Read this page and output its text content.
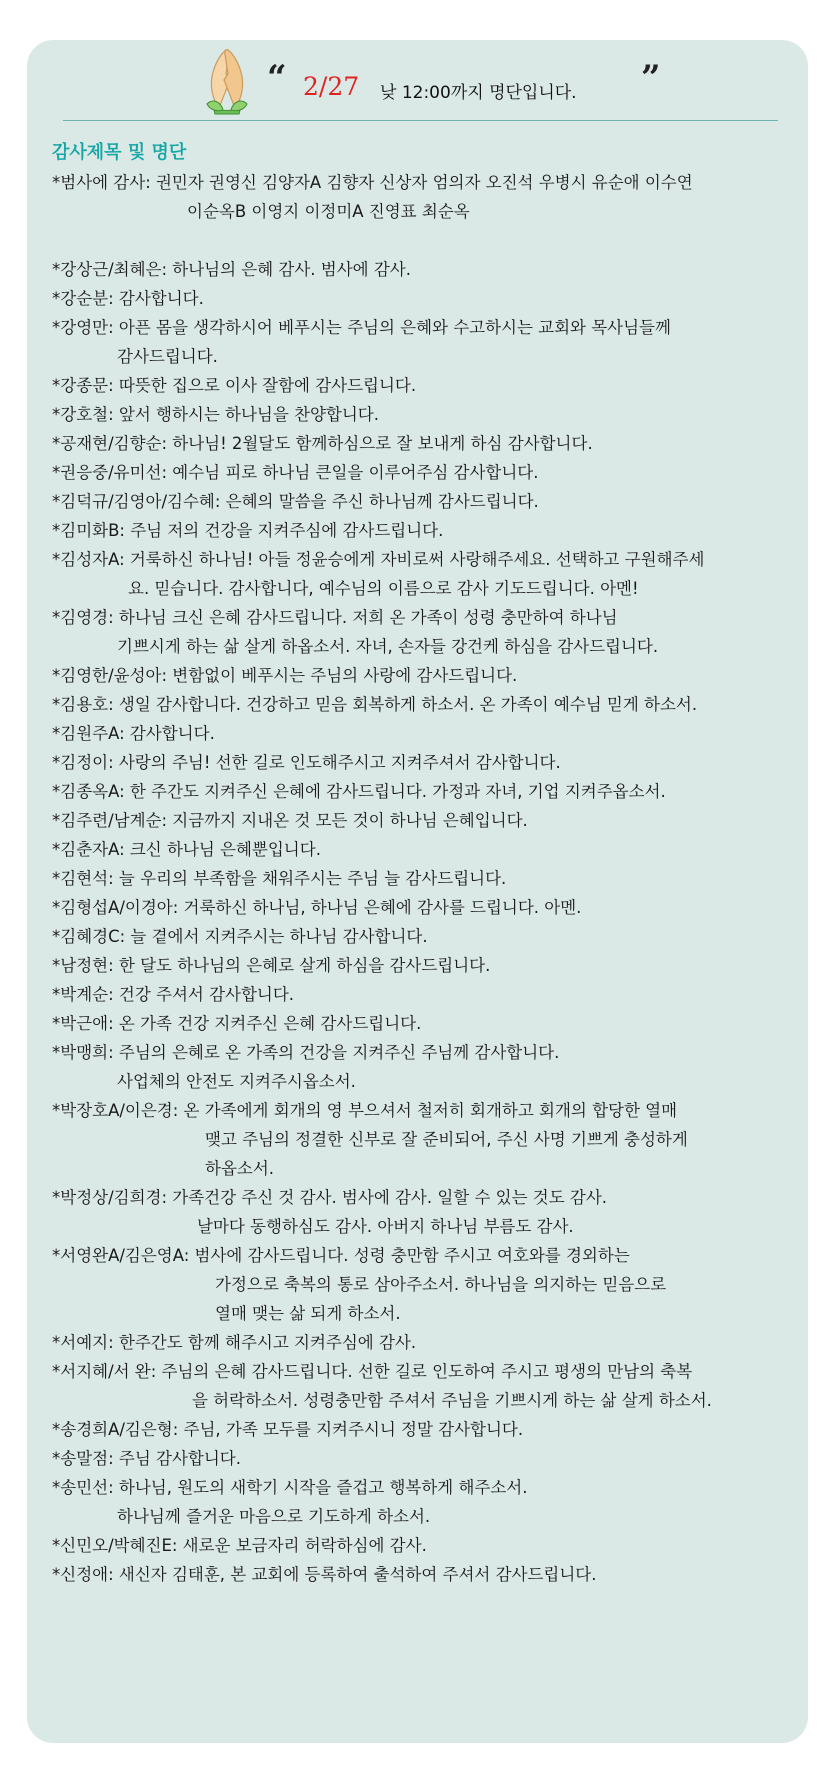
“ 2/27 낮 12:00까지 명단입니다. ”
감사제목 및 명단
*범사에 감사: 권민자 권영신 김양자A 김향자 신상자 엄의자 오진석 우병시 유순애 이수연
이순옥B 이영지 이정미A 진영표 최순옥
*강상근/최혜은: 하나님의 은혜 감사. 범사에 감사.
*강순분: 감사합니다.
*강영만: 아픈 몸을 생각하시어 베푸시는 주님의 은혜와 수고하시는 교회와 목사님들께
감사드립니다.
*강종문: 따뜻한 집으로 이사 잘함에 감사드립니다.
*강호철: 앞서 행하시는 하나님을 찬양합니다.
*공재현/김향순: 하나님! 2월달도 함께하심으로 잘 보내게 하심 감사합니다.
*권응중/유미선: 예수님 피로 하나님 큰일을 이루어주심 감사합니다.
*김덕규/김영아/김수혜: 은혜의 말씀을 주신 하나님께 감사드립니다.
*김미화B: 주님 저의 건강을 지켜주심에 감사드립니다.
*김성자A: 거룩하신 하나님! 아들 정윤승에게 자비로써 사랑해주세요. 선택하고 구원해주세
요. 믿습니다. 감사합니다, 예수님의 이름으로 감사 기도드립니다. 아멘!
*김영경: 하나님 크신 은혜 감사드립니다. 저희 온 가족이 성령 충만하여 하나님
기쁘시게 하는 삶 살게 하옵소서. 자녀, 손자들 강건케 하심을 감사드립니다.
*김영한/윤성아: 변함없이 베푸시는 주님의 사랑에 감사드립니다.
*김용호: 생일 감사합니다. 건강하고 믿음 회복하게 하소서. 온 가족이 예수님 믿게 하소서.
*김원주A: 감사합니다.
*김정이: 사랑의 주님! 선한 길로 인도해주시고 지켜주셔서 감사합니다.
*김종옥A: 한 주간도 지켜주신 은혜에 감사드립니다. 가정과 자녀, 기업 지켜주옵소서.
*김주련/남계순: 지금까지 지내온 것 모든 것이 하나님 은혜입니다.
*김춘자A: 크신 하나님 은혜뿐입니다.
*김현석: 늘 우리의 부족함을 채워주시는 주님 늘 감사드립니다.
*김형섭A/이경아: 거룩하신 하나님, 하나님 은혜에 감사를 드립니다. 아멘.
*김혜경C: 늘 곁에서 지켜주시는 하나님 감사합니다.
*남정현: 한 달도 하나님의 은혜로 살게 하심을 감사드립니다.
*박계순: 건강 주셔서 감사합니다.
*박근애: 온 가족 건강 지켜주신 은혜 감사드립니다.
*박맹희: 주님의 은혜로 온 가족의 건강을 지켜주신 주님께 감사합니다.
사업체의 안전도 지켜주시옵소서.
*박장호A/이은경: 온 가족에게 회개의 영 부으셔서 철저히 회개하고 회개의 합당한 열매
맺고 주님의 정결한 신부로 잘 준비되어, 주신 사명 기쁘게 충성하게
하옵소서.
*박정상/김희경: 가족건강 주신 것 감사. 범사에 감사. 일할 수 있는 것도 감사.
날마다 동행하심도 감사. 아버지 하나님 부름도 감사.
*서영완A/김은영A: 범사에 감사드립니다. 성령 충만함 주시고 여호와를 경외하는
가정으로 축복의 통로 삼아주소서. 하나님을 의지하는 믿음으로
열매 맺는 삶 되게 하소서.
*서예지: 한주간도 함께 해주시고 지켜주심에 감사.
*서지혜/서 완: 주님의 은혜 감사드립니다. 선한 길로 인도하여 주시고 평생의 만남의 축복
을 허락하소서. 성령충만함 주셔서 주님을 기쁘시게 하는 삶 살게 하소서.
*송경희A/김은형: 주님, 가족 모두를 지켜주시니 정말 감사합니다.
*송말점: 주님 감사합니다.
*송민선: 하나님, 원도의 새학기 시작을 즐겁고 행복하게 해주소서.
하나님께 즐거운 마음으로 기도하게 하소서.
*신민오/박혜진E: 새로운 보금자리 허락하심에 감사.
*신정애: 새신자 김태훈, 본 교회에 등록하여 출석하여 주셔서 감사드립니다.
